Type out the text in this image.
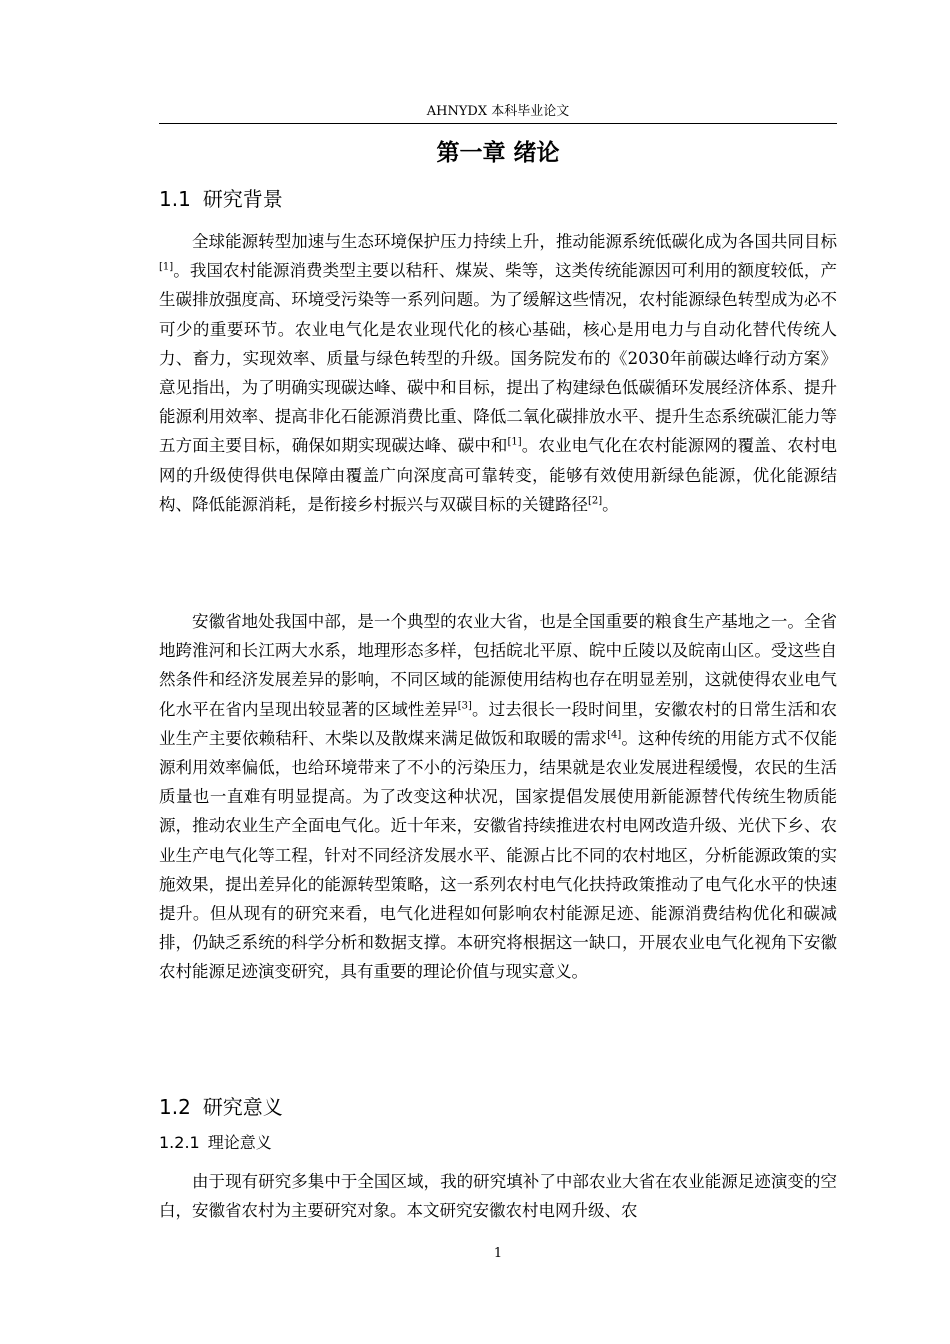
AHNYDX 本科毕业论文
第一章 绪论
1.1 研究背景

全球能源转型加速与生态环境保护压力持续上升，推动能源系统低碳化成为各国共同目标[1]。我国农村能源消费类型主要以秸秆、煤炭、柴等，这类传统能源因可利用的额度较低，产生碳排放强度高、环境受污染等一系列问题。为了缓解这些情况，农村能源绿色转型成为必不可少的重要环节。农业电气化是农业现代化的核心基础，核心是用电力与自动化替代传统人力、畜力，实现效率、质量与绿色转型的升级。国务院发布的《2030年前碳达峰行动方案》意见指出，为了明确实现碳达峰、碳中和目标，提出了构建绿色低碳循环发展经济体系、提升能源利用效率、提高非化石能源消费比重、降低二氧化碳排放水平、提升生态系统碳汇能力等五方面主要目标，确保如期实现碳达峰、碳中和[1]。农业电气化在农村能源网的覆盖、农村电网的升级使得供电保障由覆盖广向深度高可靠转变，能够有效使用新绿色能源，优化能源结构、降低能源消耗，是衔接乡村振兴与双碳目标的关键路径[2]。

安徽省地处我国中部，是一个典型的农业大省，也是全国重要的粮食生产基地之一。全省地跨淮河和长江两大水系，地理形态多样，包括皖北平原、皖中丘陵以及皖南山区。受这些自然条件和经济发展差异的影响，不同区域的能源使用结构也存在明显差别，这就使得农业电气化水平在省内呈现出较显著的区域性差异[3]。过去很长一段时间里，安徽农村的日常生活和农业生产主要依赖秸秆、木柴以及散煤来满足做饭和取暖的需求[4]。这种传统的用能方式不仅能源利用效率偏低，也给环境带来了不小的污染压力，结果就是农业发展进程缓慢，农民的生活质量也一直难有明显提高。为了改变这种状况，国家提倡发展使用新能源替代传统生物质能源，推动农业生产全面电气化。近十年来，安徽省持续推进农村电网改造升级、光伏下乡、农业生产电气化等工程，针对不同经济发展水平、能源占比不同的农村地区，分析能源政策的实施效果，提出差异化的能源转型策略，这一系列农村电气化扶持政策推动了电气化水平的快速提升。但从现有的研究来看，电气化进程如何影响农村能源足迹、能源消费结构优化和碳减排，仍缺乏系统的科学分析和数据支撑。本研究将根据这一缺口，开展农业电气化视角下安徽农村能源足迹演变研究，具有重要的理论价值与现实意义。

1.2 研究意义
1.2.1 理论意义

由于现有研究多集中于全国区域，我的研究填补了中部农业大省在农业能源足迹演变的空白，安徽省农村为主要研究对象。本文研究安徽农村电网升级、农

1
